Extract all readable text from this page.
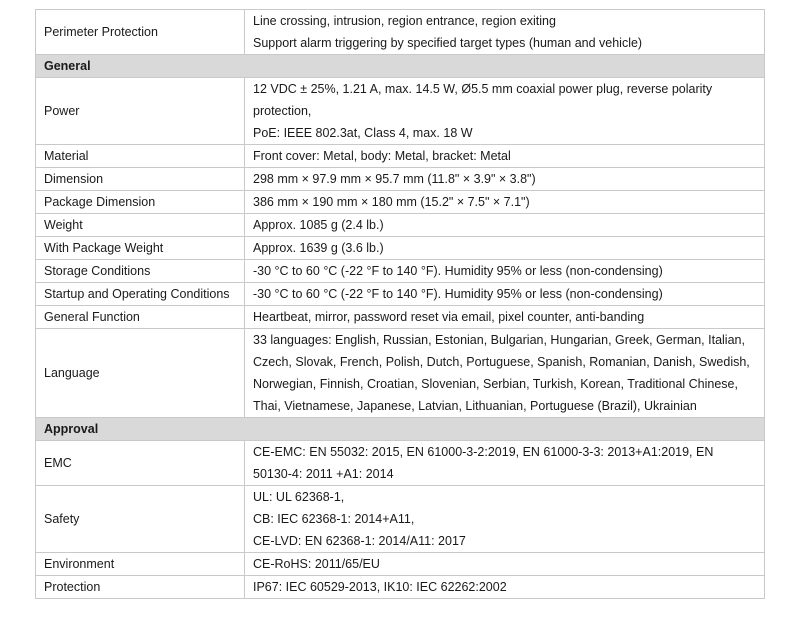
Perimeter Protection	Line crossing, intrusion, region entrance, region exiting
Support alarm triggering by specified target types (human and vehicle)

General	

Power	12 VDC ± 25%, 1.21 A, max. 14.5 W, Ø5.5 mm coaxial power plug, reverse polarity
protection,
PoE: IEEE 802.3at, Class 4, max. 18 W

Material	Front cover: Metal, body: Metal, bracket: Metal

Dimension	298 mm × 97.9 mm × 95.7 mm (11.8" × 3.9" × 3.8")

Package Dimension	386 mm × 190 mm × 180 mm (15.2" × 7.5" × 7.1")

Weight	Approx. 1085 g (2.4 lb.)

With Package Weight	Approx. 1639 g (3.6 lb.)

Storage Conditions	-30 °C to 60 °C (-22 °F to 140 °F). Humidity 95% or less (non-condensing)

Startup and Operating Conditions	-30 °C to 60 °C (-22 °F to 140 °F). Humidity 95% or less (non-condensing)

General Function	Heartbeat, mirror, password reset via email, pixel counter, anti-banding

Language	33 languages: English, Russian, Estonian, Bulgarian, Hungarian, Greek, German, Italian,
Czech, Slovak, French, Polish, Dutch, Portuguese, Spanish, Romanian, Danish, Swedish,
Norwegian, Finnish, Croatian, Slovenian, Serbian, Turkish, Korean, Traditional Chinese,
Thai, Vietnamese, Japanese, Latvian, Lithuanian, Portuguese (Brazil), Ukrainian

Approval	

EMC	CE-EMC: EN 55032: 2015, EN 61000-3-2:2019, EN 61000-3-3: 2013+A1:2019, EN
50130-4: 2011 +A1: 2014

Safety	UL: UL 62368-1,
CB: IEC 62368-1: 2014+A11,
CE-LVD: EN 62368-1: 2014/A11: 2017

Environment	CE-RoHS: 2011/65/EU

Protection	IP67: IEC 60529-2013, IK10: IEC 62262:2002
